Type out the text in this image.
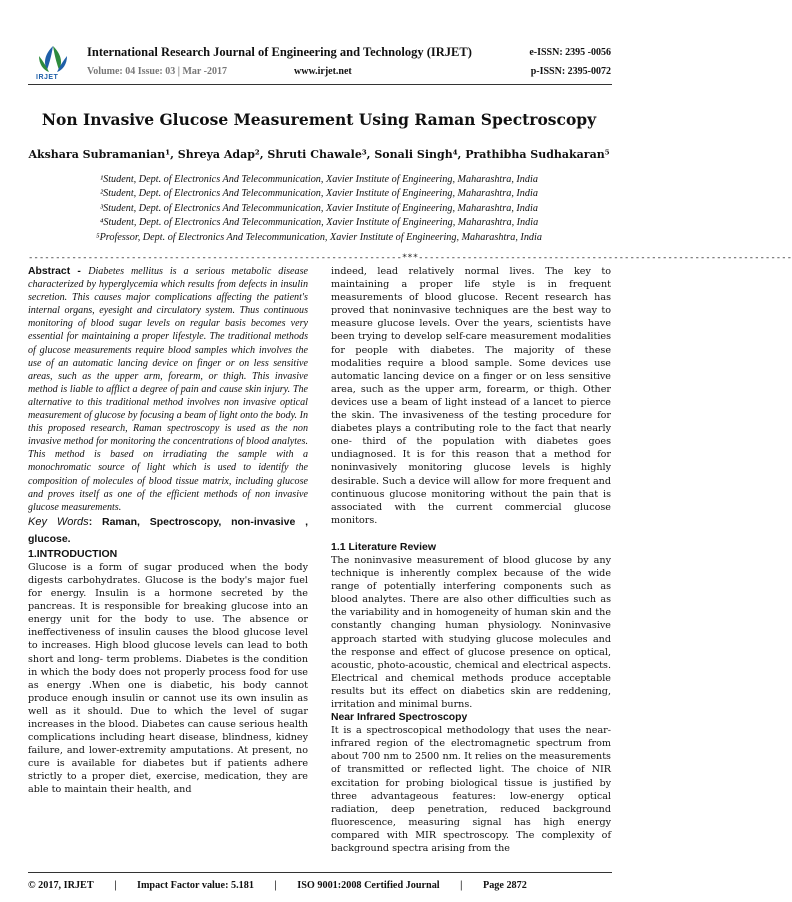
IRJET
International Research Journal of Engineering and Technology (IRJET)
Volume: 04 Issue: 03 | Mar -2017	www.irjet.net
e-ISSN: 2395 -0056
p-ISSN: 2395-0072
Non Invasive Glucose Measurement Using Raman Spectroscopy
Akshara Subramanian¹, Shreya Adap², Shruti Chawale³, Sonali Singh⁴, Prathibha Sudhakaran⁵
¹Student, Dept. of Electronics And Telecommunication, Xavier Institute of Engineering, Maharashtra, India
²Student, Dept. of Electronics And Telecommunication, Xavier Institute of Engineering, Maharashtra, India
³Student, Dept. of Electronics And Telecommunication, Xavier Institute of Engineering, Maharashtra, India
⁴Student, Dept. of Electronics And Telecommunication, Xavier Institute of Engineering, Maharashtra, India
⁵Professor, Dept. of Electronics And Telecommunication, Xavier Institute of Engineering, Maharashtra, India
---------------------------------------------------------------------***---------------------------------------------------------------------

Abstract - Diabetes mellitus is a serious metabolic disease characterized by hyperglycemia which results from defects in insulin secretion. This causes major complications affecting the patient's internal organs, eyesight and circulatory system. Thus continuous monitoring of blood sugar levels on regular basis becomes very essential for maintaining a proper lifestyle. The traditional methods of glucose measurements require blood samples which involves the use of an automatic lancing device on finger or on less sensitive areas, such as the upper arm, forearm, or thigh. This invasive method is liable to afflict a degree of pain and cause skin injury. The alternative to this traditional method involves non invasive optical measurement of glucose by focusing a beam of light onto the body. In this proposed research, Raman spectroscopy is used as the non invasive method for monitoring the concentrations of blood analytes. This method is based on irradiating the sample with a monochromatic source of light which is used to identify the composition of molecules of blood tissue matrix, including glucose and proves itself as one of the efficient methods of non invasive glucose measurements.

Key Words: Raman, Spectroscopy, non-invasive , glucose.

1.INTRODUCTION

Glucose is a form of sugar produced when the body digests carbohydrates. Glucose is the body's major fuel for energy. Insulin is a hormone secreted by the pancreas. It is responsible for breaking glucose into an energy unit for the body to use. The absence or ineffectiveness of insulin causes the blood glucose level to increases. High blood glucose levels can lead to both short and long- term problems. Diabetes is the condition in which the body does not properly process food for use as energy .When one is diabetic, his body cannot produce enough insulin or cannot use its own insulin as well as it should. Due to which the level of sugar increases in the blood. Diabetes can cause serious health complications including heart disease, blindness, kidney failure, and lower-extremity amputations. At present, no cure is available for diabetes but if patients adhere strictly to a proper diet, exercise, medication, they are able to maintain their health, and

indeed, lead relatively normal lives. The key to maintaining a proper life style is in frequent measurements of blood glucose. Recent research has proved that noninvasive techniques are the best way to measure glucose levels. Over the years, scientists have been trying to develop self-care measurement modalities for people with diabetes. The majority of these modalities require a blood sample. Some devices use automatic lancing device on a finger or on less sensitive area, such as the upper arm, forearm, or thigh. Other devices use a beam of light instead of a lancet to pierce the skin. The invasiveness of the testing procedure for diabetes plays a contributing role to the fact that nearly one- third of the population with diabetes goes undiagnosed. It is for this reason that a method for noninvasively monitoring glucose levels is highly desirable. Such a device will allow for more frequent and continuous glucose monitoring without the pain that is associated with the current commercial glucose monitors.

1.1 Literature Review

The noninvasive measurement of blood glucose by any technique is inherently complex because of the wide range of potentially interfering components such as blood analytes. There are also other difficulties such as the variability and in homogeneity of human skin and the constantly changing human physiology. Noninvasive approach started with studying glucose molecules and the response and effect of glucose presence on optical, acoustic, photo-acoustic, chemical and electrical aspects. Electrical and chemical methods produce acceptable results but its effect on diabetics skin are reddening, irritation and minimal burns.

Near Infrared Spectroscopy

It is a spectroscopical methodology that uses the near-infrared region of the electromagnetic spectrum from about 700 nm to 2500 nm. It relies on the measurements of transmitted or reflected light. The choice of NIR excitation for probing biological tissue is justified by three advantageous features: low-energy optical radiation, deep penetration, reduced background fluorescence, measuring signal has high energy compared with MIR spectroscopy. The complexity of background spectra arising from the

© 2017, IRJET | Impact Factor value: 5.181 | ISO 9001:2008 Certified Journal | Page 2872
